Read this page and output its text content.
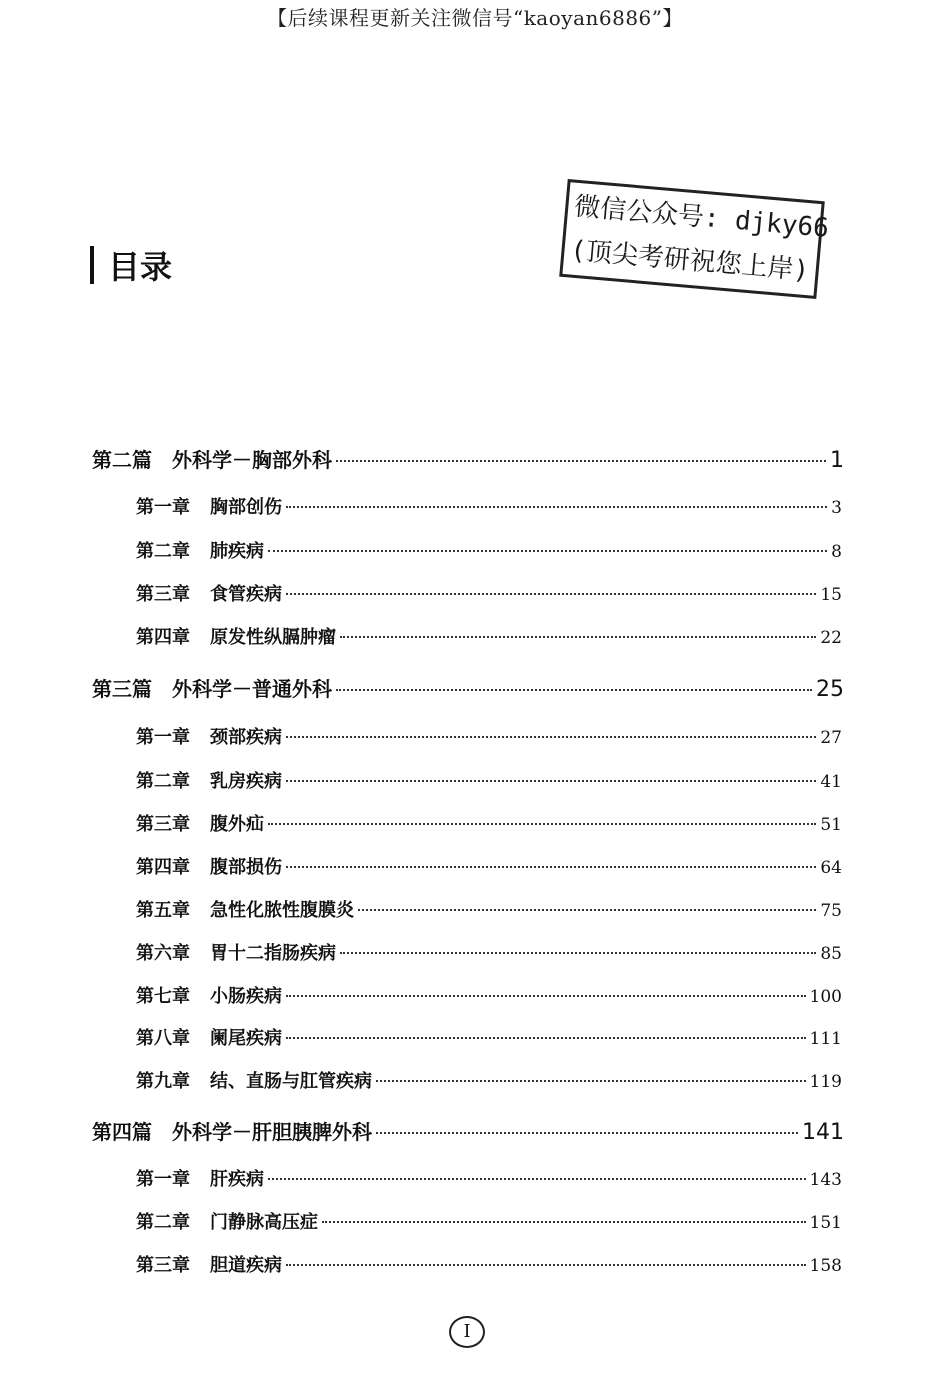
【后续课程更新关注微信号“kaoyan6886”】
目录
微信公众号: djky66
(顶尖考研祝您上岸)
第二篇 外科学－胸部外科	1
第一章 胸部创伤	3
第二章 肺疾病	8
第三章 食管疾病	15
第四章 原发性纵膈肿瘤	22
第三篇 外科学－普通外科	25
第一章 颈部疾病	27
第二章 乳房疾病	41
第三章 腹外疝	51
第四章 腹部损伤	64
第五章 急性化脓性腹膜炎	75
第六章 胃十二指肠疾病	85
第七章 小肠疾病	100
第八章 阑尾疾病	111
第九章 结、直肠与肛管疾病	119
第四篇 外科学－肝胆胰脾外科	141
第一章 肝疾病	143
第二章 门静脉高压症	151
第三章 胆道疾病	158
I
